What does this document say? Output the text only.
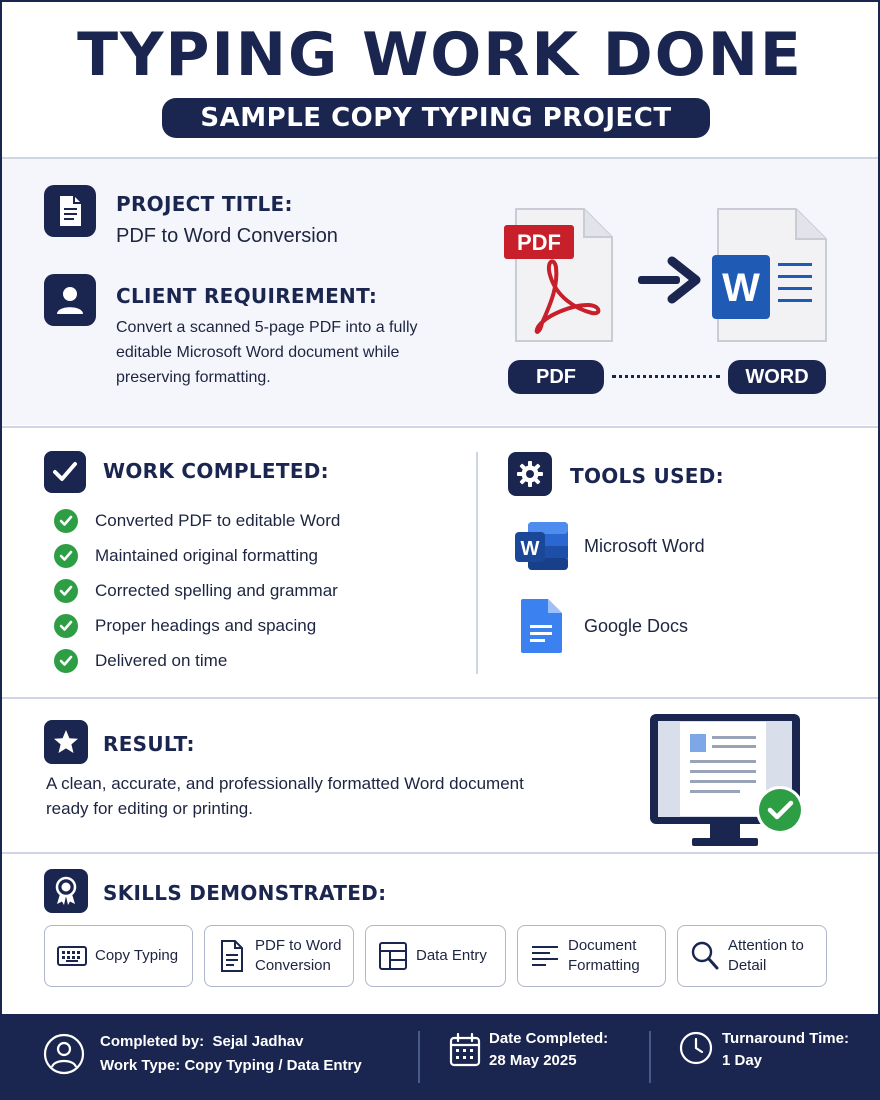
TYPING WORK DONE
SAMPLE COPY TYPING PROJECT
PROJECT TITLE:
PDF to Word Conversion
CLIENT REQUIREMENT:
Convert a scanned 5-page PDF into a fully
editable Microsoft Word document while
preserving formatting.
PDF
W
PDF	WORD
WORK COMPLETED:
Converted PDF to editable Word
Maintained original formatting
Corrected spelling and grammar
Proper headings and spacing
Delivered on time
TOOLS USED:
W Microsoft Word
Google Docs
RESULT:
A clean, accurate, and professionally formatted Word document
ready for editing or printing.
SKILLS DEMONSTRATED:
Copy Typing
PDF to Word
Conversion
Data Entry
Document
Formatting
Attention to
Detail
Completed by: Sejal Jadhav
Work Type: Copy Typing / Data Entry
Date Completed:
28 May 2025
Turnaround Time:
1 Day
